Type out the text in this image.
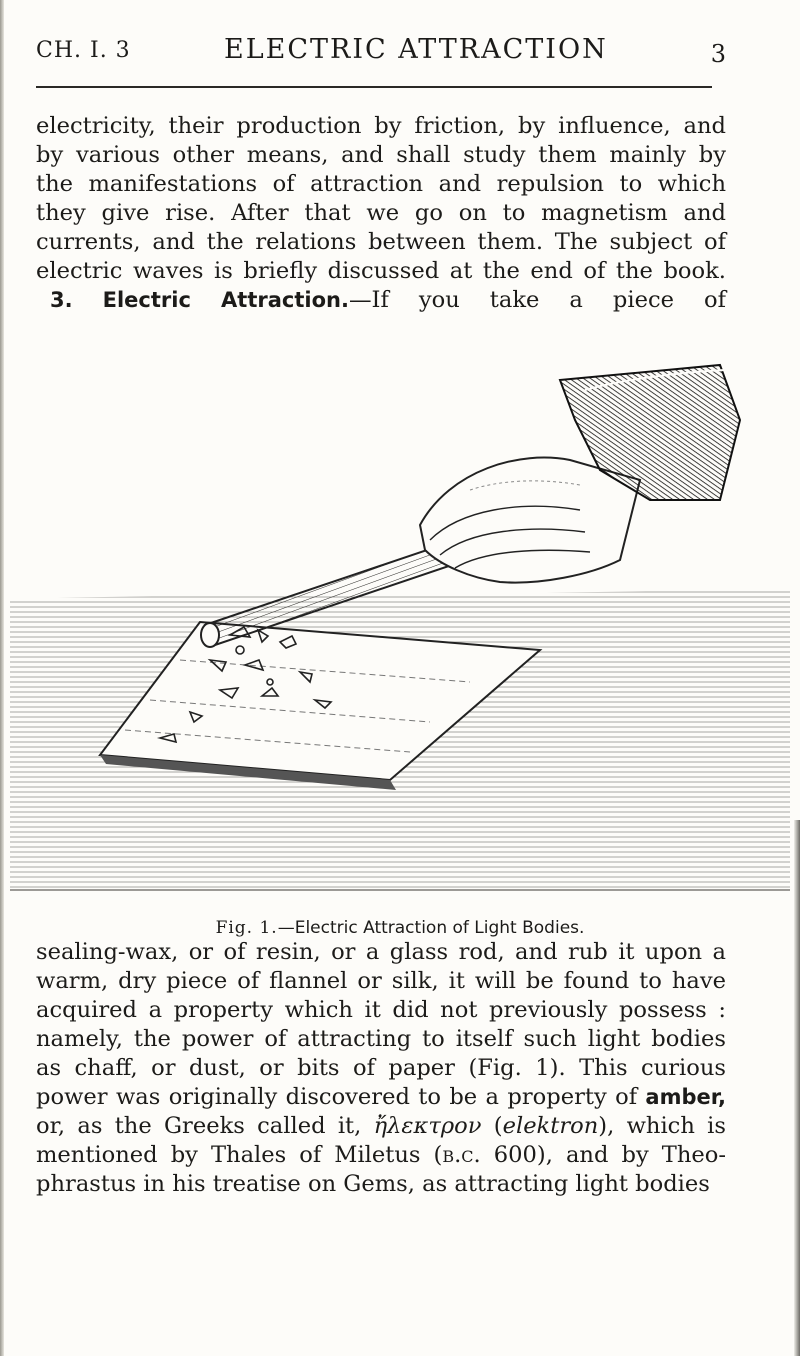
CH. I. 3	ELECTRIC ATTRACTION	3
electricity, their production by friction, by influence, and
by various other means, and shall study them mainly by
the manifestations of attraction and repulsion to which
they give rise. After that we go on to magnetism and
currents, and the relations between them. The subject of
electric waves is briefly discussed at the end of the book.
3. Electric Attraction.—If you take a piece of
Fig. 1.—Electric Attraction of Light Bodies.
sealing-wax, or of resin, or a glass rod, and rub it upon a
warm, dry piece of flannel or silk, it will be found to have
acquired a property which it did not previously possess :
namely, the power of attracting to itself such light bodies
as chaff, or dust, or bits of paper (Fig. 1). This curious
power was originally discovered to be a property of amber,
or, as the Greeks called it, ἤλεκτρον (elektron), which is
mentioned by Thales of Miletus (b.c. 600), and by Theo-
phrastus in his treatise on Gems, as attracting light bodies
